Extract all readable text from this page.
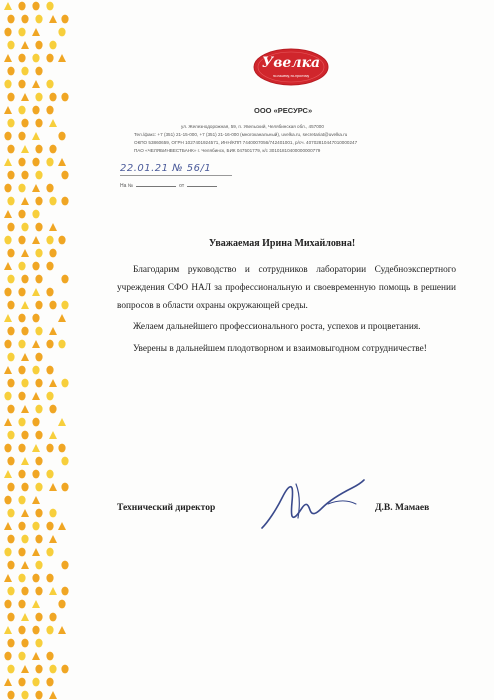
Увелка
по-нашему, по-простому
ООО «РЕСУРС»
ул. Железнодорожная, 59, п. Увельский, Челябинская обл., 457000
Тел./факс: +7 (351) 21-15-000, +7 (351) 21-16-000 (многоканальный), uvelka.ru, secretariat@uvelka.ru
ОКПО 53860659, ОГРН 1027401924571, ИНН/КПП 7440007056/742401001, р/сч. 40702810447010000247
ПАО «ЧЕЛЯБИНВЕСТБАНК» г. Челябинск, БИК 047501779, к/с 30101810400000000779
22.01.21 № 56/1
На №	от
Уважаемая Ирина Михайловна!

Благодарим руководство и сотрудников лаборатории Судебноэкспертного учреждения СФО НАЛ за профессиональную и своевременную помощь в решении вопросов в области охраны окружающей среды.

Желаем дальнейшего профессионального роста, успехов и процветания.

Уверены в дальнейшем плодотворном и взаимовыгодном сотрудничестве!

Технический директор	Д.В. Мамаев
